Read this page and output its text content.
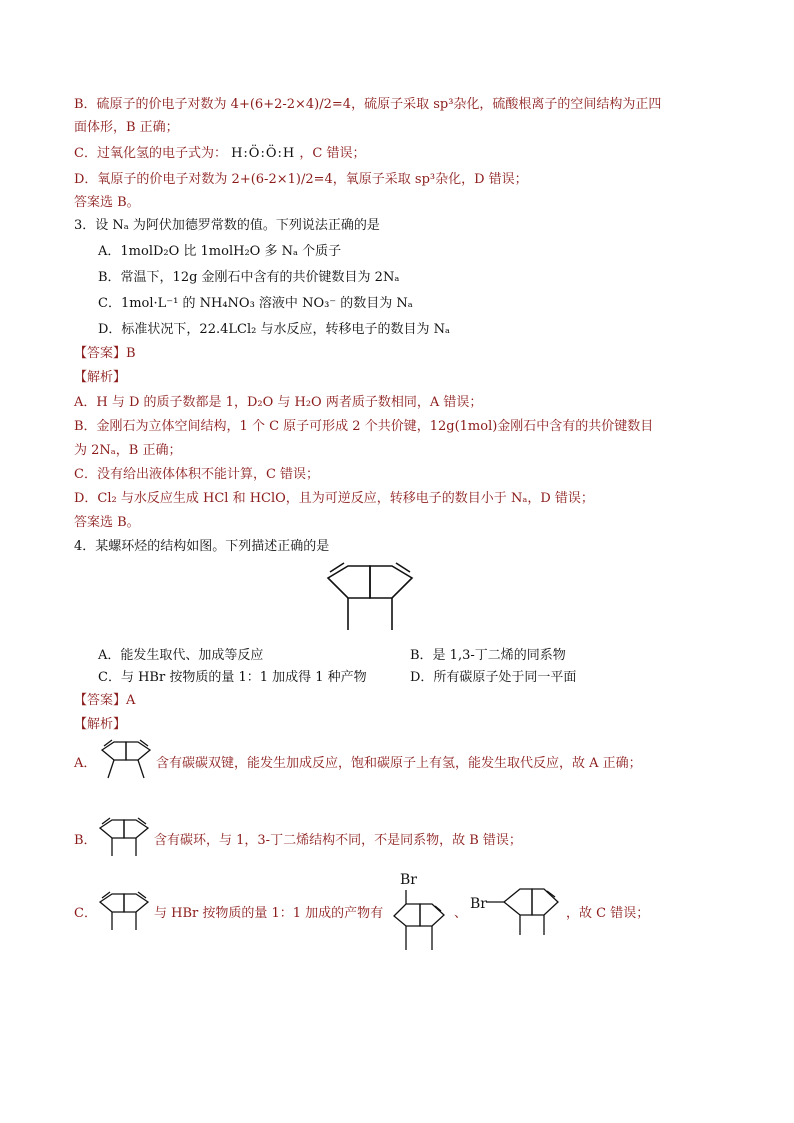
B．硫原子的价电子对数为 4+(6+2-2×4)/2=4，硫原子采取 sp³杂化，硫酸根离子的空间结构为正四
面体形，B 正确；
C．过氧化氢的电子式为： H:Ö:Ö:H ，C 错误；
D．氧原子的价电子对数为 2+(6-2×1)/2=4，氧原子采取 sp³杂化，D 错误；
答案选 B。
3．设 Nₐ 为阿伏加德罗常数的值。下列说法正确的是
A．1molD₂O 比 1molH₂O 多 Nₐ 个质子
B．常温下，12g 金刚石中含有的共价键数目为 2Nₐ
C．1mol·L⁻¹ 的 NH₄NO₃ 溶液中 NO₃⁻ 的数目为 Nₐ
D．标准状况下，22.4LCl₂ 与水反应，转移电子的数目为 Nₐ
【答案】B
【解析】
A．H 与 D 的质子数都是 1，D₂O 与 H₂O 两者质子数相同，A 错误；
B．金刚石为立体空间结构，1 个 C 原子可形成 2 个共价键，12g(1mol)金刚石中含有的共价键数目
为 2Nₐ，B 正确；
C．没有给出液体体积不能计算，C 错误；
D．Cl₂ 与水反应生成 HCl 和 HClO，且为可逆反应，转移电子的数目小于 Nₐ，D 错误；
答案选 B。
4．某螺环烃的结构如图。下列描述正确的是
A．能发生取代、加成等反应	B．是 1,3-丁二烯的同系物
C．与 HBr 按物质的量 1：1 加成得 1 种产物	D．所有碳原子处于同一平面
【答案】A
【解析】
A．	含有碳碳双键，能发生加成反应，饱和碳原子上有氢，能发生取代反应，故 A 正确；
B．	含有碳环，与 1，3-丁二烯结构不同，不是同系物，故 B 错误；
C．	与 HBr 按物质的量 1：1 加成的产物有
Br
、
Br
，故 C 错误；
